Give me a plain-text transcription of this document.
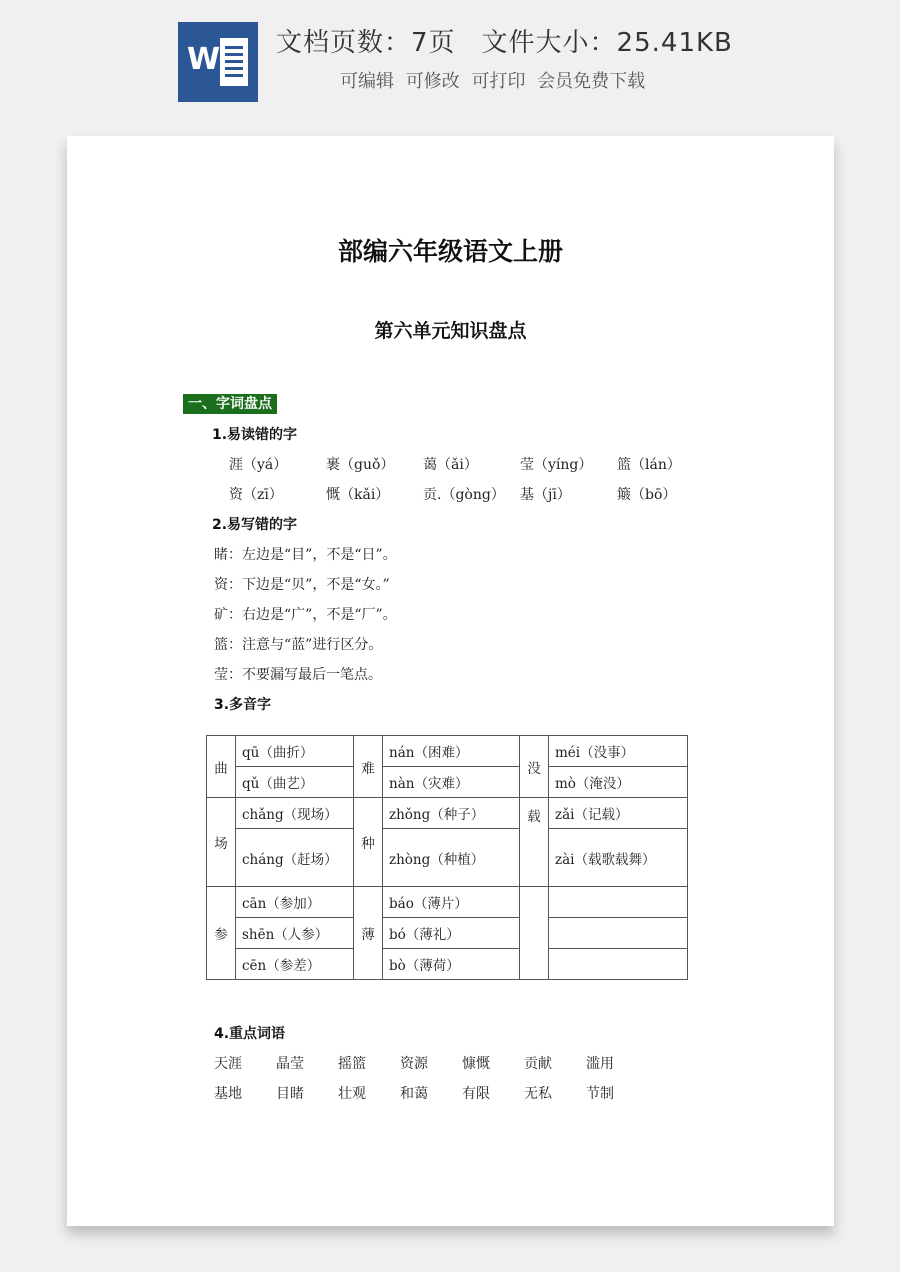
W 文档页数：7页 文件大小：25.41KB
可编辑 可修改 可打印 会员免费下载
部编六年级语文上册
第六单元知识盘点
一、字词盘点
1.易读错的字
涯（yá）	裹（guǒ） 蔼（ǎi）	莹（yíng） 篮（lán）
资（zī）	慨（kǎi） 贡.（gòng） 基（jī）	簸（bō）
2.易写错的字
睹：左边是“目”，不是“日”。
资：下边是“贝”，不是“女。”
矿：右边是“广”，不是“厂”。
篮：注意与“蓝”进行区分。
莹：不要漏写最后一笔点。
3.多音字
曲	qū（曲折）	难	nán（困难）	没	méi（没事）
	qǔ（曲艺）		nàn（灾难）		mò（淹没）
场	chǎng（现场）	种	zhǒng（种子）	载	zǎi（记载）
	cháng（赶场）		zhòng（种植）		zài（载歌载舞）
参	cān（参加）	薄	báo（薄片）		
	shēn（人参）		bó（薄礼）		
	cēn（参差）		bò（薄荷）		
4.重点词语
天涯 晶莹 摇篮 资源 慷慨 贡献 滥用
基地 目睹 壮观 和蔼 有限 无私 节制
